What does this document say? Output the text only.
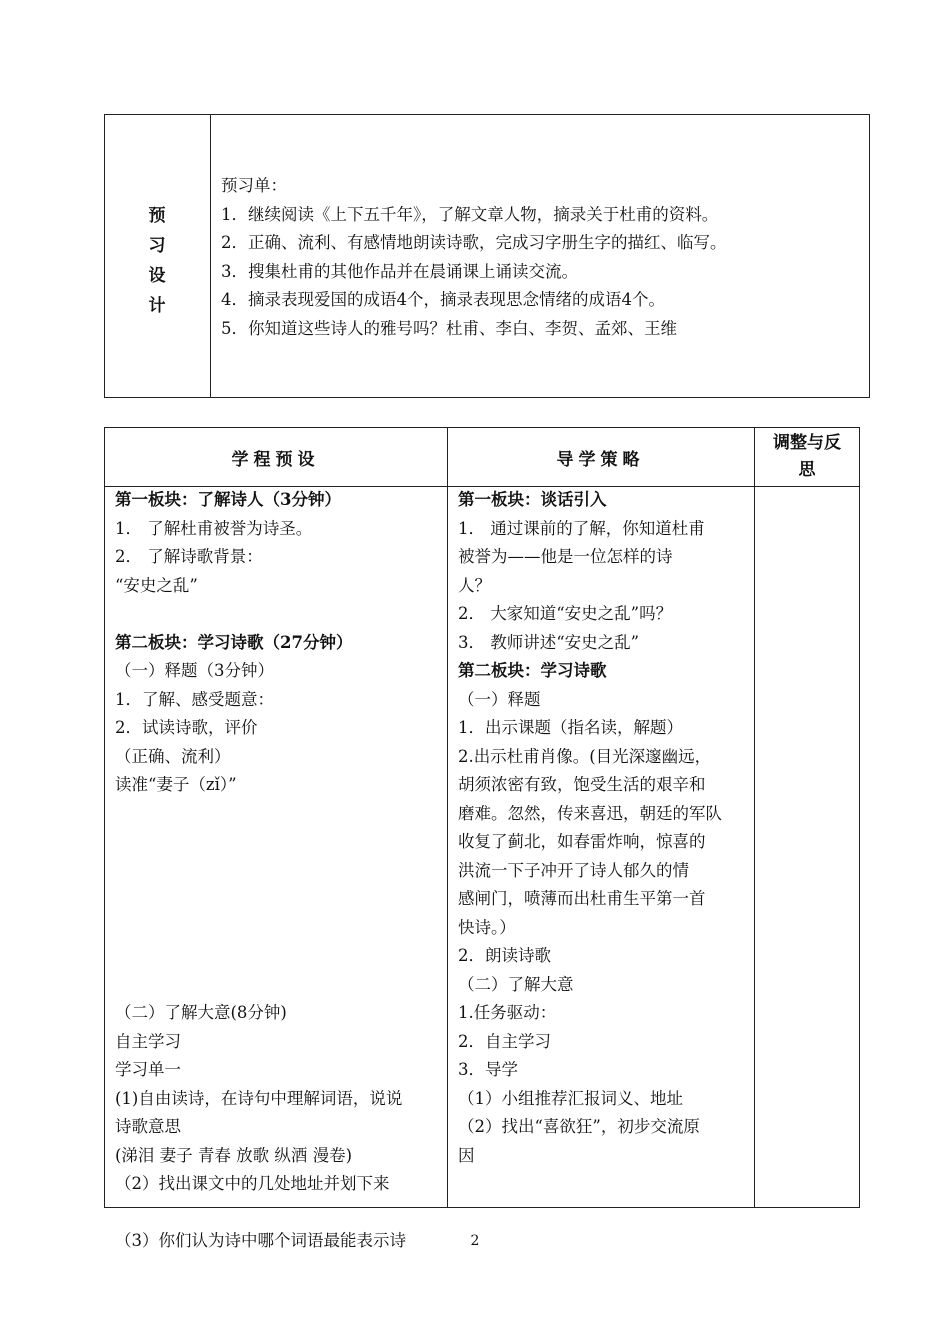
预
习
设
计
预习单：
1．继续阅读《上下五千年》，了解文章人物，摘录关于杜甫的资料。
2．正确、流利、有感情地朗读诗歌，完成习字册生字的描红、临写。
3．搜集杜甫的其他作品并在晨诵课上诵读交流。
4．摘录表现爱国的成语4个，摘录表现思念情绪的成语4个。
5．你知道这些诗人的雅号吗？杜甫、李白、李贺、孟郊、王维
学程预设	导学策略
调整与反
思
第一板块：了解诗人（3分钟）
1． 了解杜甫被誉为诗圣。
2． 了解诗歌背景：
“安史之乱”
第二板块：学习诗歌（27分钟）
（一）释题（3分钟）
1．了解、感受题意：
2．试读诗歌，评价
（正确、流利）
读准“妻子（zǐ）”
（二）了解大意(8分钟)
自主学习
学习单一
(1)自由读诗，在诗句中理解词语，说说
诗歌意思
(涕泪 妻子 青春 放歌 纵酒 漫卷)
（2）找出课文中的几处地址并划下来
（3）你们认为诗中哪个词语最能表示诗
第一板块：谈话引入
1． 通过课前的了解，你知道杜甫
被誉为——他是一位怎样的诗
人？
2． 大家知道“安史之乱”吗？
3． 教师讲述“安史之乱”
第二板块：学习诗歌
（一）释题
1．出示课题（指名读，解题）
2.出示杜甫肖像。(目光深邃幽远，
胡须浓密有致，饱受生活的艰辛和
磨难。忽然，传来喜迅，朝廷的军队
收复了蓟北，如春雷炸响，惊喜的
洪流一下子冲开了诗人郁久的情
感闸门，喷薄而出杜甫生平第一首
快诗。）
2．朗读诗歌
（二）了解大意
1.任务驱动：
2．自主学习
3．导学
（1）小组推荐汇报词义、地址
（2）找出“喜欲狂”，初步交流原
因
2
